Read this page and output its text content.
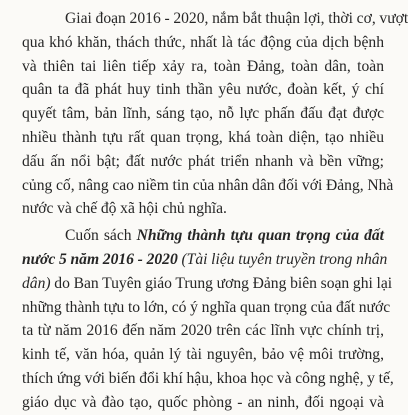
Giai đoạn 2016 - 2020, nắm bắt thuận lợi, thời cơ, vượt
qua khó khăn, thách thức, nhất là tác động của dịch bệnh
và thiên tai liên tiếp xảy ra, toàn Đảng, toàn dân, toàn
quân ta đã phát huy tinh thần yêu nước, đoàn kết, ý chí
quyết tâm, bản lĩnh, sáng tạo, nỗ lực phấn đấu đạt được
nhiều thành tựu rất quan trọng, khá toàn diện, tạo nhiều
dấu ấn nổi bật; đất nước phát triển nhanh và bền vững;
củng cố, nâng cao niềm tin của nhân dân đối với Đảng, Nhà
nước và chế độ xã hội chủ nghĩa.

Cuốn sách Những thành tựu quan trọng của đất
nước 5 năm 2016 - 2020 (Tài liệu tuyên truyền trong nhân
dân) do Ban Tuyên giáo Trung ương Đảng biên soạn ghi lại
những thành tựu to lớn, có ý nghĩa quan trọng của đất nước
ta từ năm 2016 đến năm 2020 trên các lĩnh vực chính trị,
kinh tế, văn hóa, quản lý tài nguyên, bảo vệ môi trường,
thích ứng với biến đổi khí hậu, khoa học và công nghệ, y tế,
giáo dục và đào tạo, quốc phòng - an ninh, đối ngoại và
